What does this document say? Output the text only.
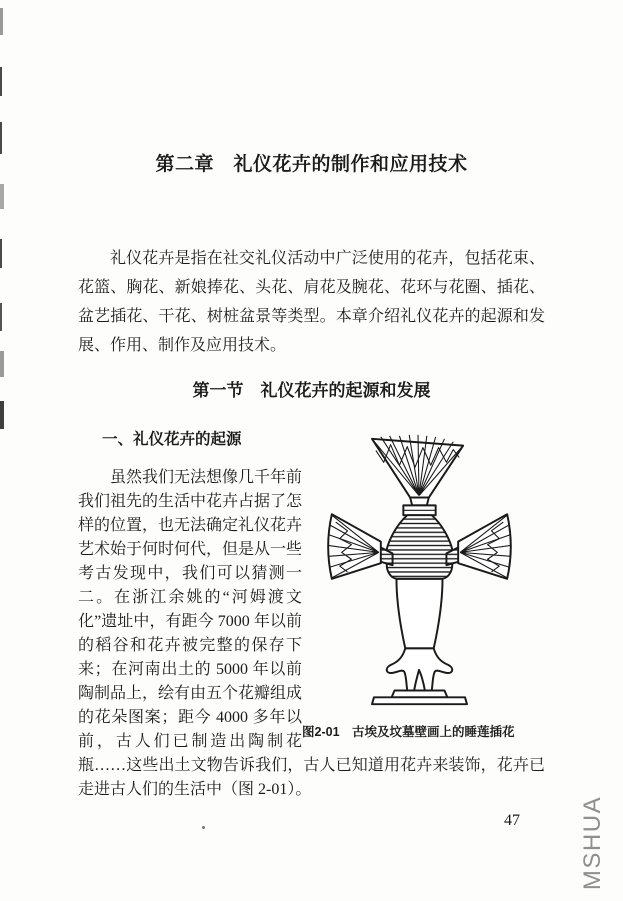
第二章　礼仪花卉的制作和应用技术

礼仪花卉是指在社交礼仪活动中广泛使用的花卉，包括花束、花篮、胸花、新娘捧花、头花、肩花及腕花、花环与花圈、插花、盆艺插花、干花、树桩盆景等类型。本章介绍礼仪花卉的起源和发展、作用、制作及应用技术。

第一节　礼仪花卉的起源和发展
图2-01　古埃及坟墓壁画上的睡莲插花
一、礼仪花卉的起源

虽然我们无法想像几千年前我们祖先的生活中花卉占据了怎样的位置，也无法确定礼仪花卉艺术始于何时何代，但是从一些考古发现中，我们可以猜测一二。在浙江余姚的“河姆渡文化”遗址中，有距今 7000 年以前的稻谷和花卉被完整的保存下来；在河南出土的 5000 年以前陶制品上，绘有由五个花瓣组成的花朵图案；距今 4000 多年以前，古人们已制造出陶制花瓶……这些出土文物告诉我们，古人已知道用花卉来装饰，花卉已走进古人们的生活中（图 2-01）。

47	MSHUA
